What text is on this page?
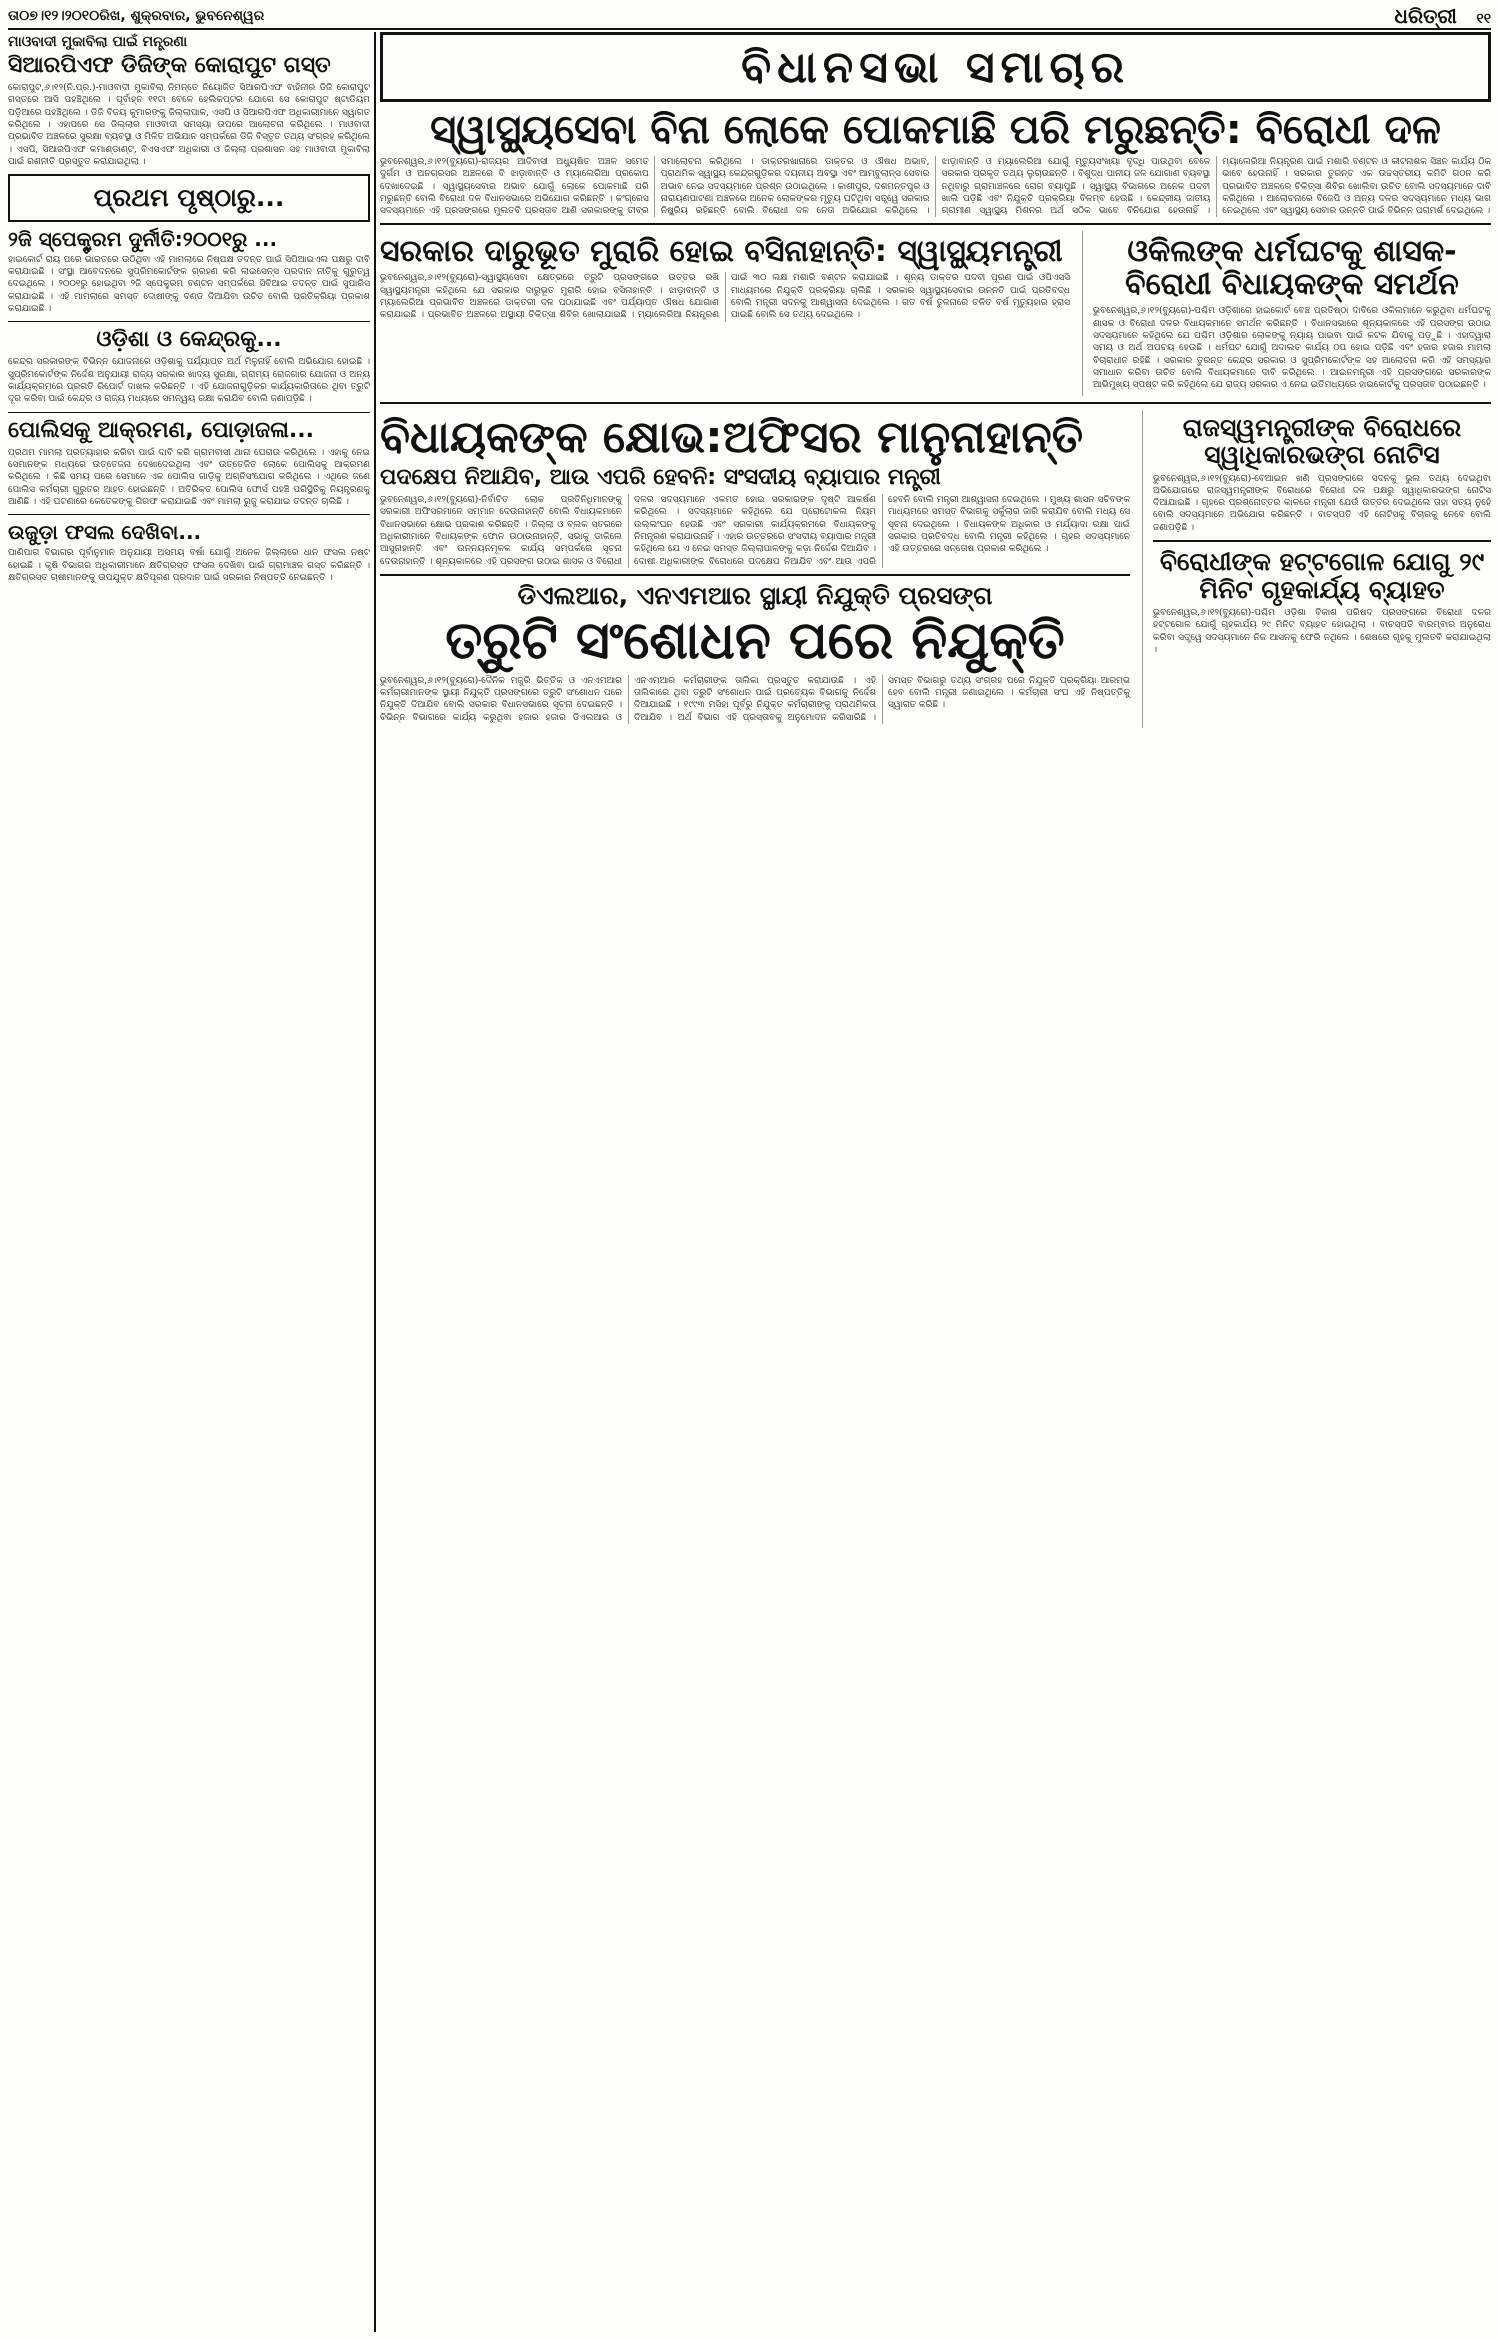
ତା୦୭।୧୨।୨୦୧୦ରିଖ, ଶୁକ୍ରବାର, ଭୁବନେଶ୍ୱର	ଧରିତ୍ରୀ ୧୧
ମାଓବାଦୀ ମୁକାବିଲା ପାଇଁ ମନ୍ତ୍ରଣା
ସିଆରପିଏଫ ଡିଜିଙ୍କ କୋରାପୁଟ ଗସ୍ତ

କୋରାପୁଟ,୬।୧୨(ନି.ପ୍ର.)-ମାଓବାଦୀ ମୁକାବିଲା ନିମନ୍ତେ ନିୟୋଜିତ ସିଆରପିଏଫ ବାହିନୀର ଡିଜି କୋରାପୁଟ ଗସ୍ତରେ ଆସି ପହଞ୍ଚିଥିଲେ । ପୂର୍ବାହ୍ନ ୧୧ଟା ବେଳେ ହେଲିକପ୍ଟର ଯୋଗେ ସେ କୋରାପୁଟ ଷ୍ଟାଡିୟମ ପଡ଼ିଆରେ ପହଞ୍ଚିଥିଲେ । ଡିଜି ବିଜୟ କୁମାରଙ୍କୁ ଜିଲ୍ଲାପାଳ, ଏସପି ଓ ସିଆରପିଏଫ ଅଧିକାରୀମାନେ ସ୍ୱାଗତ କରିଥିଲେ । ଏହାପରେ ସେ ଜିଲ୍ଲାର ମାଓବାଦୀ ସମସ୍ୟା ଉପରେ ଆଲୋଚନା କରିଥିଲେ । ମାଓବାଦୀ ପ୍ରଭାବିତ ଅଞ୍ଚଳରେ ସୁରକ୍ଷା ବ୍ୟବସ୍ଥା ଓ ମିଳିତ ଅଭିଯାନ ସମ୍ପର୍କରେ ଡିଜି ବିସ୍ତୃତ ତଥ୍ୟ ସଂଗ୍ରହ କରିଥିଲେ । ଏସପି, ସିଆରପିଏଫ କମାଣ୍ଡାଣ୍ଟ, ବିଏସଏଫ ଅଧିକାରୀ ଓ ଜିଲ୍ଲା ପ୍ରଶାସନ ସହ ମାଓବାଦୀ ମୁକାବିଲା ପାଇଁ ରଣନୀତି ପ୍ରସ୍ତୁତ କରାଯାଇଥିଲା ।

ପ୍ରଥମ ପୃଷ୍ଠାରୁ...
୨ଜି ସ୍ପେକ୍ଟ୍ରମ ଦୁର୍ନୀତି:୨୦୦୧ରୁ ...

ହାଇକୋର୍ଟ ରାୟ ପରେ ଭାରତରେ ଉଠିଥିବା ଏହି ମାମଲାରେ ନିଷ୍ପକ୍ଷ ତଦନ୍ତ ପାଇଁ ସିପିଆଇଏଲ ପକ୍ଷରୁ ଦାବି କରାଯାଇଛି । ସଂସ୍ଥା ଆବେଦନରେ ସୁପ୍ରିମକୋର୍ଟଙ୍କ ଗ୍ରହଣ କରି ଲାଇସେନ୍ସ ପ୍ରଦାନ ନୀତିକୁ ଗୁରୁତ୍ୱ ଦେଇଥିଲେ । ୨୦୦୧ରୁ ହୋଇଥିବା ୨ଜି ସ୍ପେକ୍ଟ୍ରମ ବଣ୍ଟନ ସମ୍ପର୍କରେ ସିବିଆଇ ତଦନ୍ତ ପାଇଁ ସୁପାରିସ କରାଯାଇଛି । ଏହି ମାମଲାରେ ସମସ୍ତ ଦୋଷୀଙ୍କୁ ଦଣ୍ଡ ଦିଆଯିବା ଉଚିତ ବୋଲି ପ୍ରତିକ୍ରିୟା ପ୍ରକାଶ କରାଯାଇଛି ।

ଓଡ଼ିଶା ଓ କେନ୍ଦ୍ରକୁ...

କେନ୍ଦ୍ର ସରକାରଙ୍କ ବିଭିନ୍ନ ଯୋଜନାରେ ଓଡ଼ିଶାକୁ ପର୍ଯ୍ୟାପ୍ତ ଅର୍ଥ ମିଳୁନାହିଁ ବୋଲି ଅଭିଯୋଗ ହୋଇଛି । ସୁପ୍ରିମକୋର୍ଟଙ୍କ ନିର୍ଦ୍ଦେଶ ଅନୁଯାୟୀ ରାଜ୍ୟ ସରକାର ଖାଦ୍ୟ ସୁରକ୍ଷା, ଗ୍ରାମ୍ୟ ରୋଜଗାର ଯୋଜନା ଓ ଅନ୍ୟ କାର୍ଯ୍ୟକ୍ରମରେ ପ୍ରଗତି ରିପୋର୍ଟ ଦାଖଲ କରିଛନ୍ତି । ଏହି ଯୋଜନାଗୁଡ଼ିକର କାର୍ଯ୍ୟକାରିତାରେ ଥିବା ତ୍ରୁଟି ଦୂର କରିବା ପାଇଁ କେନ୍ଦ୍ର ଓ ରାଜ୍ୟ ମଧ୍ୟରେ ସମନ୍ୱୟ ରକ୍ଷା କରାଯିବ ବୋଲି ଜଣାପଡ଼ିଛି ।

ପୋଲିସକୁ ଆକ୍ରମଣ, ପୋଡ଼ାଜଳା...

ପ୍ରଥମ ମାମଲା ପ୍ରତ୍ୟାହାର କରିବା ପାଇଁ ଦାବି କରି ଗ୍ରାମବାସୀ ଥାନା ଘେରାଉ କରିଥିଲେ । ଏହାକୁ ନେଇ ସେମାନଙ୍କ ମଧ୍ୟରେ ଉତ୍ତେଜନା ଦେଖାଦେଇଥିଲା ଏବଂ ଉତ୍ତେଜିତ ଲୋକେ ପୋଲିସକୁ ଆକ୍ରମଣ କରିଥିଲେ । କିଛି ସମୟ ପରେ ସେମାନେ ଏକ ପୋଲିସ ଗାଡ଼ିକୁ ଅଗ୍ନିସଂଯୋଗ କରିଥିଲେ । ଏଥିରେ ଜଣେ ପୋଲିସ କର୍ମଚାରୀ ଗୁରୁତର ଆହତ ହୋଇଛନ୍ତି । ଅତିରିକ୍ତ ପୋଲିସ ଫୋର୍ସ ପହଞ୍ଚି ପରିସ୍ଥିତିକୁ ନିୟନ୍ତ୍ରଣକୁ ଆଣିଛି । ଏହି ଘଟଣାରେ କେତେକଙ୍କୁ ଗିରଫ କରାଯାଇଛି ଏବଂ ମାମଲା ରୁଜୁ କରାଯାଇ ତଦନ୍ତ ଚାଲିଛି ।

ଉଜୁଡ଼ା ଫସଲ ଦେଖିବା...

ପାଣିପାଗ ବିଭାଗର ପୂର୍ବାନୁମାନ ଅନୁଯାୟୀ ଅସମୟ ବର୍ଷା ଯୋଗୁଁ ଅନେକ ଜିଲ୍ଲାରେ ଧାନ ଫସଲ ନଷ୍ଟ ହୋଇଛି । କୃଷି ବିଭାଗର ଅଧିକାରୀମାନେ କ୍ଷତିଗ୍ରସ୍ତ ଫସଲ ଦେଖିବା ପାଇଁ ଗ୍ରାମାଞ୍ଚଳ ଗସ୍ତ କରିଛନ୍ତି । କ୍ଷତିଗ୍ରସ୍ତ ଚାଷୀମାନଙ୍କୁ ଉପଯୁକ୍ତ କ୍ଷତିପୂରଣ ପ୍ରଦାନ ପାଇଁ ସରକାର ନିଷ୍ପତ୍ତି ନେଇଛନ୍ତି ।

ବିଧାନସଭା ସମାଚାର
ସ୍ୱାସ୍ଥ୍ୟସେବା ବିନା ଲୋକେ ପୋକମାଛି ପରି ମରୁଛନ୍ତି: ବିରୋଧୀ ଦଳ

ଭୁବନେଶ୍ୱର,୬।୧୨(ବ୍ୟୁରୋ)-ରାଜ୍ୟର ଆଦିବାସୀ ଅଧ୍ୟୁଷିତ ଅଞ୍ଚଳ ସମେତ ଦୁର୍ଗମ ଓ ଅନଗ୍ରସର ଅଞ୍ଚଳରେ ବି ଝାଡ଼ାବାନ୍ତି ଓ ମ୍ୟାଲେରିଆ ପ୍ରକୋପ ଦେଖାଦେଇଛି । ସ୍ୱାସ୍ଥ୍ୟସେବାର ଅଭାବ ଯୋଗୁଁ ଲୋକେ ପୋକମାଛି ପରି ମରୁଛନ୍ତି ବୋଲି ବିରୋଧୀ ଦଳ ବିଧାନସଭାରେ ଅଭିଯୋଗ କରିଛନ୍ତି । କଂଗ୍ରେସ ସଦସ୍ୟମାନେ ଏହି ପ୍ରସଙ୍ଗରେ ମୁଲତବି ପ୍ରସ୍ତାବ ଆଣି ସରକାରଙ୍କୁ ତୀବ୍ର ସମାଲୋଚନା କରିଥିଲେ । ଡାକ୍ତରଖାନାରେ ଡାକ୍ତର ଓ ଔଷଧ ଅଭାବ, ପ୍ରାଥମିକ ସ୍ୱାସ୍ଥ୍ୟ କେନ୍ଦ୍ରଗୁଡ଼ିକର ଦୟନୀୟ ଅବସ୍ଥା ଏବଂ ଆମ୍ବୁଲାନ୍ସ ସେବାର ଅଭାବ ନେଇ ସଦସ୍ୟମାନେ ପ୍ରଶ୍ନ ଉଠାଇଥିଲେ । କାଶୀପୁର, ଦଶମନ୍ତପୁର ଓ ନାରାୟଣପାଟଣା ଅଞ୍ଚଳରେ ଅନେକ ଲୋକଙ୍କର ମୃତ୍ୟୁ ଘଟିଥିବା ସତ୍ତ୍ୱେ ସରକାର ନିଷ୍କ୍ରିୟ ରହିଛନ୍ତି ବୋଲି ବିରୋଧୀ ଦଳ ନେତା ଅଭିଯୋଗ କରିଥିଲେ । ଝାଡ଼ାବାନ୍ତି ଓ ମ୍ୟାଲେରିଆ ଯୋଗୁଁ ମୃତ୍ୟୁସଂଖ୍ୟା ବୃଦ୍ଧି ପାଉଥିବା ବେଳେ ସରକାର ପ୍ରକୃତ ତଥ୍ୟ ଲୁଚାଉଛନ୍ତି । ବିଶୁଦ୍ଧ ପାନୀୟ ଜଳ ଯୋଗାଣ ବ୍ୟବସ୍ଥା ନଥିବାରୁ ଗ୍ରାମାଞ୍ଚଳରେ ରୋଗ ବ୍ୟାପୁଛି । ସ୍ୱାସ୍ଥ୍ୟ ବିଭାଗରେ ଅନେକ ପଦବୀ ଖାଲି ପଡ଼ିଛି ଏବଂ ନିଯୁକ୍ତି ପ୍ରକ୍ରିୟା ବିଳମ୍ବ ହେଉଛି । କେନ୍ଦ୍ରୀୟ ଜାତୀୟ ଗ୍ରାମୀଣ ସ୍ୱାସ୍ଥ୍ୟ ମିଶନର ଅର୍ଥ ସଠିକ ଭାବେ ବିନିଯୋଗ ହେଉନାହିଁ । ମ୍ୟାଲେରିଆ ନିୟନ୍ତ୍ରଣ ପାଇଁ ମଶାରି ବଣ୍ଟନ ଓ କୀଟନାଶକ ସିଞ୍ଚନ କାର୍ଯ୍ୟ ଠିକ ଭାବେ ହେଉନାହିଁ । ସରକାର ତୁରନ୍ତ ଏକ ଉଚ୍ଚସ୍ତରୀୟ କମିଟି ଗଠନ କରି ପ୍ରଭାବିତ ଅଞ୍ଚଳରେ ଚିକିତ୍ସା ଶିବିର ଖୋଲିବା ଉଚିତ ବୋଲି ସଦସ୍ୟମାନେ ଦାବି କରିଥିଲେ । ଆଲୋଚନାରେ ବିଜେପି ଓ ଅନ୍ୟ ଦଳର ସଦସ୍ୟମାନେ ମଧ୍ୟ ଭାଗ ନେଇଥିଲେ ଏବଂ ସ୍ୱାସ୍ଥ୍ୟ ସେବାର ଉନ୍ନତି ପାଇଁ ବିଭିନ୍ନ ପରାମର୍ଶ ଦେଇଥିଲେ ।

ସରକାର ଦାରୁଭୂତ ମୁରାରି ହୋଇ ବସିନାହାନ୍ତି: ସ୍ୱାସ୍ଥ୍ୟମନ୍ତ୍ରୀ

ଭୁବନେଶ୍ୱର,୬।୧୨(ବ୍ୟୁରୋ)-ସ୍ୱାସ୍ଥ୍ୟସେବା କ୍ଷେତ୍ରରେ ତ୍ରୁଟି ପ୍ରସଙ୍ଗରେ ଉତ୍ତର ରଖି ସ୍ୱାସ୍ଥ୍ୟମନ୍ତ୍ରୀ କହିଥିଲେ ଯେ ସରକାର ଦାରୁଭୂତ ମୁରାରି ହୋଇ ବସିନାହାନ୍ତି । ଝାଡ଼ାବାନ୍ତି ଓ ମ୍ୟାଲେରିଆ ପ୍ରଭାବିତ ଅଞ୍ଚଳରେ ଡାକ୍ତରୀ ଦଳ ପଠାଯାଇଛି ଏବଂ ପର୍ଯ୍ୟାପ୍ତ ଔଷଧ ଯୋଗାଣ କରାଯାଇଛି । ପ୍ରଭାବିତ ଅଞ୍ଚଳରେ ଅସ୍ଥାୟୀ ଚିକିତ୍ସା ଶିବିର ଖୋଲାଯାଇଛି । ମ୍ୟାଲେରିଆ ନିୟନ୍ତ୍ରଣ ପାଇଁ ୩୦ ଲକ୍ଷ ମଶାରି ବଣ୍ଟନ କରାଯାଇଛି । ଶୂନ୍ୟ ଡାକ୍ତର ପଦବୀ ପୂରଣ ପାଇଁ ଓପିଏସସି ମାଧ୍ୟମରେ ନିଯୁକ୍ତି ପ୍ରକ୍ରିୟା ଚାଲିଛି । ସରକାର ସ୍ୱାସ୍ଥ୍ୟସେବାର ଉନ୍ନତି ପାଇଁ ପ୍ରତିବଦ୍ଧ ବୋଲି ମନ୍ତ୍ରୀ ସଦନକୁ ଆଶ୍ୱାସନା ଦେଇଥିଲେ । ଗତ ବର୍ଷ ତୁଳନାରେ ଚଳିତ ବର୍ଷ ମୃତ୍ୟୁହାର ହ୍ରାସ ପାଇଛି ବୋଲି ସେ ତଥ୍ୟ ଦେଇଥିଲେ ।

ଓକିଲଙ୍କ ଧର୍ମଘଟକୁ ଶାସକ-ବିରୋଧୀ ବିଧାୟକଙ୍କ ସମର୍ଥନ

ଭୁବନେଶ୍ୱର,୬।୧୨(ବ୍ୟୁରୋ)-ପଶ୍ଚିମ ଓଡ଼ିଶାରେ ହାଇକୋର୍ଟ ବେଞ୍ଚ ପ୍ରତିଷ୍ଠା ଦାବିରେ ଓକିଲମାନେ କରୁଥିବା ଧର୍ମଘଟକୁ ଶାସକ ଓ ବିରୋଧୀ ଦଳର ବିଧାୟକମାନେ ସମର୍ଥନ କରିଛନ୍ତି । ବିଧାନସଭାରେ ଶୂନ୍ୟକାଳରେ ଏହି ପ୍ରସଙ୍ଗ ଉଠାଇ ସଦସ୍ୟମାନେ କହିଥିଲେ ଯେ ପଶ୍ଚିମ ଓଡ଼ିଶାର ଲୋକଙ୍କୁ ନ୍ୟାୟ ପାଇବା ପାଇଁ କଟକ ଯିବାକୁ ପଡ଼ୁଛି । ଏହାଦ୍ୱାରା ସମୟ ଓ ଅର୍ଥ ଅପଚୟ ହେଉଛି । ଧର୍ମଘଟ ଯୋଗୁଁ ଅଦାଲତ କାର୍ଯ୍ୟ ଠପ ହୋଇ ପଡ଼ିଛି ଏବଂ ହଜାର ହଜାର ମାମଲା ବିଚାରାଧୀନ ରହିଛି । ସରକାର ତୁରନ୍ତ କେନ୍ଦ୍ର ସରକାର ଓ ସୁପ୍ରିମକୋର୍ଟଙ୍କ ସହ ଆଲୋଚନା କରି ଏହି ସମସ୍ୟାର ସମାଧାନ କରିବା ଉଚିତ ବୋଲି ବିଧାୟକମାନେ ଦାବି କରିଥିଲେ । ଆଇନମନ୍ତ୍ରୀ ଏହି ପ୍ରସଙ୍ଗରେ ସରକାରଙ୍କ ଆଭିମୁଖ୍ୟ ସ୍ପଷ୍ଟ କରି କହିଥିଲେ ଯେ ରାଜ୍ୟ ସରକାର ଏ ନେଇ ଇତିମଧ୍ୟରେ ହାଇକୋର୍ଟକୁ ପ୍ରସ୍ତାବ ପଠାଇଛନ୍ତି ।

ବିଧାୟକଙ୍କ କ୍ଷୋଭ:ଅଫିସର ମାନୁନାହାନ୍ତି
ପଦକ୍ଷେପ ନିଆଯିବ, ଆଉ ଏପରି ହେବନି: ସଂସଦୀୟ ବ୍ୟାପାର ମନ୍ତ୍ରୀ

ଭୁବନେଶ୍ୱର,୬।୧୨(ବ୍ୟୁରୋ)-ନିର୍ବାଚିତ ଲୋକ ପ୍ରତିନିଧିମାନଙ୍କୁ ସରକାରୀ ଅଫିସରମାନେ ସମ୍ମାନ ଦେଉନାହାନ୍ତି ବୋଲି ବିଧାୟକମାନେ ବିଧାନସଭାରେ କ୍ଷୋଭ ପ୍ରକାଶ କରିଛନ୍ତି । ଜିଲ୍ଲା ଓ ବ୍ଲକ ସ୍ତରରେ ଅଧିକାରୀମାନେ ବିଧାୟକଙ୍କ ଫୋନ ଉଠାଉନାହାନ୍ତି, ସଭାକୁ ଡାକିଲେ ଆସୁନାହାନ୍ତି ଏବଂ ଉନ୍ନୟନମୂଳକ କାର୍ଯ୍ୟ ସମ୍ପର୍କରେ ସୂଚନା ଦେଉନାହାନ୍ତି । ଶୂନ୍ୟକାଳରେ ଏହି ପ୍ରସଙ୍ଗ ଉଠାଇ ଶାସକ ଓ ବିରୋଧୀ ଦଳର ସଦସ୍ୟମାନେ ଏକମତ ହୋଇ ସରକାରଙ୍କ ଦୃଷ୍ଟି ଆକର୍ଷଣ କରିଥିଲେ । ସଦସ୍ୟମାନେ କହିଥିଲେ ଯେ ପ୍ରୋଟୋକଲ ନିୟମ ଉଲ୍ଲଂଘନ ହେଉଛି ଏବଂ ସରକାରୀ କାର୍ଯ୍ୟକ୍ରମରେ ବିଧାୟକଙ୍କୁ ନିମନ୍ତ୍ରଣ କରାଯାଉନାହିଁ । ଏହାର ଉତ୍ତରରେ ସଂସଦୀୟ ବ୍ୟାପାର ମନ୍ତ୍ରୀ କହିଥିଲେ ଯେ ଏ ନେଇ ସମସ୍ତ ଜିଲ୍ଲାପାଳଙ୍କୁ କଡ଼ା ନିର୍ଦ୍ଦେଶ ଦିଆଯିବ । ଦୋଷୀ ଅଧିକାରୀଙ୍କ ବିରୋଧରେ ପଦକ୍ଷେପ ନିଆଯିବ ଏବଂ ଆଉ ଏପରି ହେବନି ବୋଲି ମନ୍ତ୍ରୀ ଆଶ୍ୱାସନା ଦେଇଥିଲେ । ମୁଖ୍ୟ ଶାସନ ସଚିବଙ୍କ ମାଧ୍ୟମରେ ସମସ୍ତ ବିଭାଗକୁ ସର୍କୁଲାର ଜାରି କରାଯିବ ବୋଲି ମଧ୍ୟ ସେ ସୂଚନା ଦେଇଥିଲେ । ବିଧାୟକଙ୍କ ଅଧିକାର ଓ ମର୍ଯ୍ୟାଦା ରକ୍ଷା ପାଇଁ ସରକାର ପ୍ରତିବଦ୍ଧ ବୋଲି ମନ୍ତ୍ରୀ କହିଥିଲେ । ଗୃହର ସଦସ୍ୟମାନେ ଏହି ଉତ୍ତରରେ ସନ୍ତୋଷ ପ୍ରକାଶ କରିଥିଲେ ।

ଡିଏଲଆର, ଏନଏମଆର ସ୍ଥାୟୀ ନିଯୁକ୍ତି ପ୍ରସଙ୍ଗ
ତ୍ରୁଟି ସଂଶୋଧନ ପରେ ନିଯୁକ୍ତି

ଭୁବନେଶ୍ୱର,୬।୧୨(ବ୍ୟୁରୋ)-ଦୈନିକ ମଜୁରି ଭିତ୍ତିକ ଓ ଏନଏମଆର କର୍ମଚାରୀମାନଙ୍କ ସ୍ଥାୟୀ ନିଯୁକ୍ତି ପ୍ରସଙ୍ଗରେ ତ୍ରୁଟି ସଂଶୋଧନ ପରେ ନିଯୁକ୍ତି ଦିଆଯିବ ବୋଲି ସରକାର ବିଧାନସଭାରେ ସୂଚନା ଦେଇଛନ୍ତି । ବିଭିନ୍ନ ବିଭାଗରେ କାର୍ଯ୍ୟ କରୁଥିବା ହଜାର ହଜାର ଡିଏଲଆର ଓ ଏନଏମଆର କର୍ମଚାରୀଙ୍କ ତାଲିକା ପ୍ରସ୍ତୁତ କରାଯାଉଛି । ଏହି ତାଲିକାରେ ଥିବା ତ୍ରୁଟି ସଂଶୋଧନ ପାଇଁ ପ୍ରତ୍ୟେକ ବିଭାଗକୁ ନିର୍ଦ୍ଦେଶ ଦିଆଯାଇଛି । ୧୯୯୩ ମସିହା ପୂର୍ବରୁ ନିଯୁକ୍ତ କର୍ମଚାରୀଙ୍କୁ ପ୍ରାଥମିକତା ଦିଆଯିବ । ଅର୍ଥ ବିଭାଗ ଏହି ପ୍ରସ୍ତାବକୁ ଅନୁମୋଦନ କରିସାରିଛି । ସମସ୍ତ ବିଭାଗରୁ ତଥ୍ୟ ସଂଗ୍ରହ ପରେ ନିଯୁକ୍ତି ପ୍ରକ୍ରିୟା ଆରମ୍ଭ ହେବ ବୋଲି ମନ୍ତ୍ରୀ ଜଣାଇଥିଲେ । କର୍ମଚାରୀ ସଂଘ ଏହି ନିଷ୍ପତ୍ତିକୁ ସ୍ୱାଗତ କରିଛି ।

ରାଜସ୍ୱମନ୍ତ୍ରୀଙ୍କ ବିରୋଧରେ ସ୍ୱାଧିକାରଭଙ୍ଗ ନୋଟିସ

ଭୁବନେଶ୍ୱର,୬।୧୨(ବ୍ୟୁରୋ)-ବେଆଇନ ଖଣି ପ୍ରସଙ୍ଗରେ ସଦନକୁ ଭୁଲ ତଥ୍ୟ ଦେଇଥିବା ଅଭିଯୋଗରେ ରାଜସ୍ୱମନ୍ତ୍ରୀଙ୍କ ବିରୋଧରେ ବିରୋଧୀ ଦଳ ପକ୍ଷରୁ ସ୍ୱାଧିକାରଭଙ୍ଗ ନୋଟିସ ଦିଆଯାଇଛି । ଗୃହରେ ପ୍ରଶ୍ନୋତ୍ତର କାଳରେ ମନ୍ତ୍ରୀ ଯେଉଁ ଉତ୍ତର ଦେଇଥିଲେ ତାହା ସତ୍ୟ ନୁହେଁ ବୋଲି ସଦସ୍ୟମାନେ ଅଭିଯୋଗ କରିଛନ୍ତି । ବାଚସ୍ପତି ଏହି ନୋଟିସକୁ ବିଚାରକୁ ନେବେ ବୋଲି ଜଣାପଡ଼ିଛି ।

ବିରୋଧୀଙ୍କ ହଟ୍ଟଗୋଳ ଯୋଗୁ ୨୯ ମିନିଟ ଗୃହକାର୍ଯ୍ୟ ବ୍ୟାହତ

ଭୁବନେଶ୍ୱର,୬।୧୨(ବ୍ୟୁରୋ)-ପଶ୍ଚିମ ଓଡ଼ିଶା ବିକାଶ ପରିଷଦ ପ୍ରସଙ୍ଗରେ ବିରୋଧୀ ଦଳର ହଟ୍ଟଗୋଳ ଯୋଗୁଁ ଗୃହକାର୍ଯ୍ୟ ୨୯ ମିନିଟ ବ୍ୟାହତ ହୋଇଥିଲା । ବାଚସ୍ପତି ବାରମ୍ବାର ଅନୁରୋଧ କରିବା ସତ୍ତ୍ୱେ ସଦସ୍ୟମାନେ ନିଜ ଆସନକୁ ଫେରି ନଥିଲେ । ଶେଷରେ ଗୃହକୁ ମୁଲତବି କରାଯାଇଥିଲା ।
